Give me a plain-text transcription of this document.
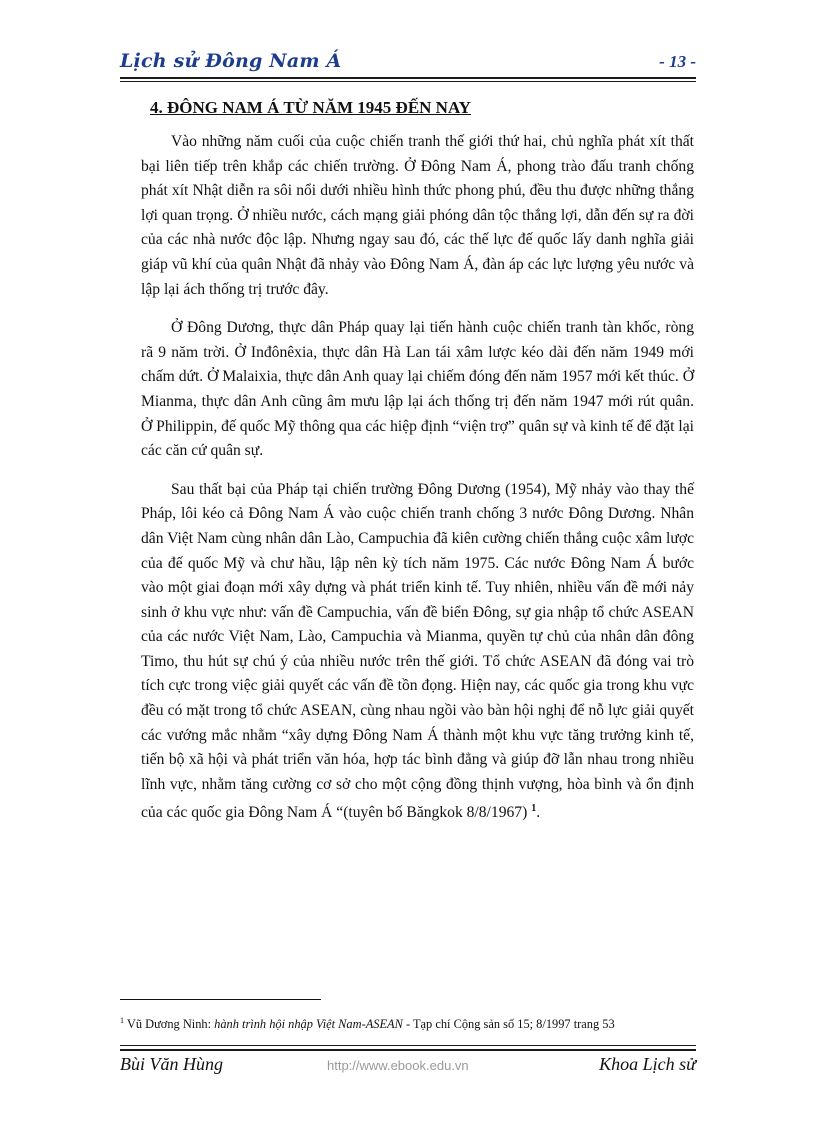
Lịch sử Đông Nam Á	- 13 -
4. ĐÔNG NAM Á TỪ NĂM 1945 ĐẾN NAY

Vào những năm cuối của cuộc chiến tranh thế giới thứ hai, chủ nghĩa phát xít thất bại liên tiếp trên khắp các chiến trường. Ở Đông Nam Á, phong trào đấu tranh chống phát xít Nhật diễn ra sôi nổi dưới nhiều hình thức phong phú, đều thu được những thắng lợi quan trọng. Ở nhiều nước, cách mạng giải phóng dân tộc thắng lợi, dẫn đến sự ra đời của các nhà nước độc lập. Nhưng ngay sau đó, các thế lực đế quốc lấy danh nghĩa giải giáp vũ khí của quân Nhật đã nhảy vào Đông Nam Á, đàn áp các lực lượng yêu nước và lập lại ách thống trị trước đây.

Ở Đông Dương, thực dân Pháp quay lại tiến hành cuộc chiến tranh tàn khốc, ròng rã 9 năm trời. Ở Inđônêxia, thực dân Hà Lan tái xâm lược kéo dài đến năm 1949 mới chấm dứt. Ở Malaixia, thực dân Anh quay lại chiếm đóng đến năm 1957 mới kết thúc. Ở Mianma, thực dân Anh cũng âm mưu lập lại ách thống trị đến năm 1947 mới rút quân. Ở Philippin, đế quốc Mỹ thông qua các hiệp định “viện trợ” quân sự và kinh tế để đặt lại các căn cứ quân sự.

Sau thất bại của Pháp tại chiến trường Đông Dương (1954), Mỹ nhảy vào thay thế Pháp, lôi kéo cả Đông Nam Á vào cuộc chiến tranh chống 3 nước Đông Dương. Nhân dân Việt Nam cùng nhân dân Lào, Campuchia đã kiên cường chiến thắng cuộc xâm lược của đế quốc Mỹ và chư hầu, lập nên kỳ tích năm 1975. Các nước Đông Nam Á bước vào một giai đoạn mới xây dựng và phát triển kinh tế. Tuy nhiên, nhiều vấn đề mới nảy sinh ở khu vực như: vấn đề Campuchia, vấn đề biển Đông, sự gia nhập tổ chức ASEAN của các nước Việt Nam, Lào, Campuchia và Mianma, quyền tự chủ của nhân dân đông Timo, thu hút sự chú ý của nhiều nước trên thế giới. Tổ chức ASEAN đã đóng vai trò tích cực trong việc giải quyết các vấn đề tồn đọng. Hiện nay, các quốc gia trong khu vực đều có mặt trong tổ chức ASEAN, cùng nhau ngồi vào bàn hội nghị để nỗ lực giải quyết các vướng mắc nhằm “xây dựng Đông Nam Á thành một khu vực tăng trưởng kinh tế, tiến bộ xã hội và phát triển văn hóa, hợp tác bình đẳng và giúp đỡ lẫn nhau trong nhiều lĩnh vực, nhằm tăng cường cơ sở cho một cộng đồng thịnh vượng, hòa bình và ổn định của các quốc gia Đông Nam Á “(tuyên bố Băngkok 8/8/1967) $^1$.

$^1$ Vũ Dương Ninh: hành trình hội nhập Việt Nam-ASEAN - Tạp chí Cộng sản số 15; 8/1997 trang 53
Bùi Văn Hùng	http://www.ebook.edu.vn	Khoa Lịch sử
